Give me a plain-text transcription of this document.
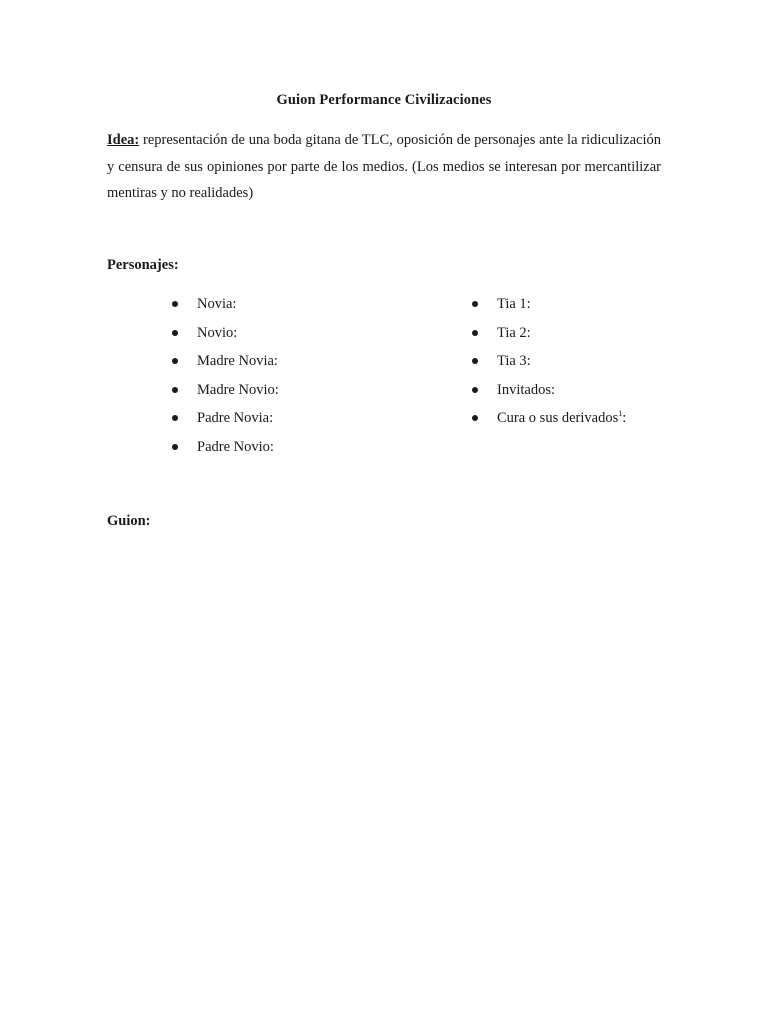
Guion Performance Civilizaciones
Idea: representación de una boda gitana de TLC, oposición de personajes ante la ridiculización y censura de sus opiniones por parte de los medios. (Los medios se interesan por mercantilizar mentiras y no realidades)
Personajes:
Novia:
Novio:
Madre Novia:
Madre Novio:
Padre Novia:
Padre Novio:
Tia 1:
Tia 2:
Tia 3:
Invitados:
Cura o sus derivados$^1$:
Guion:
